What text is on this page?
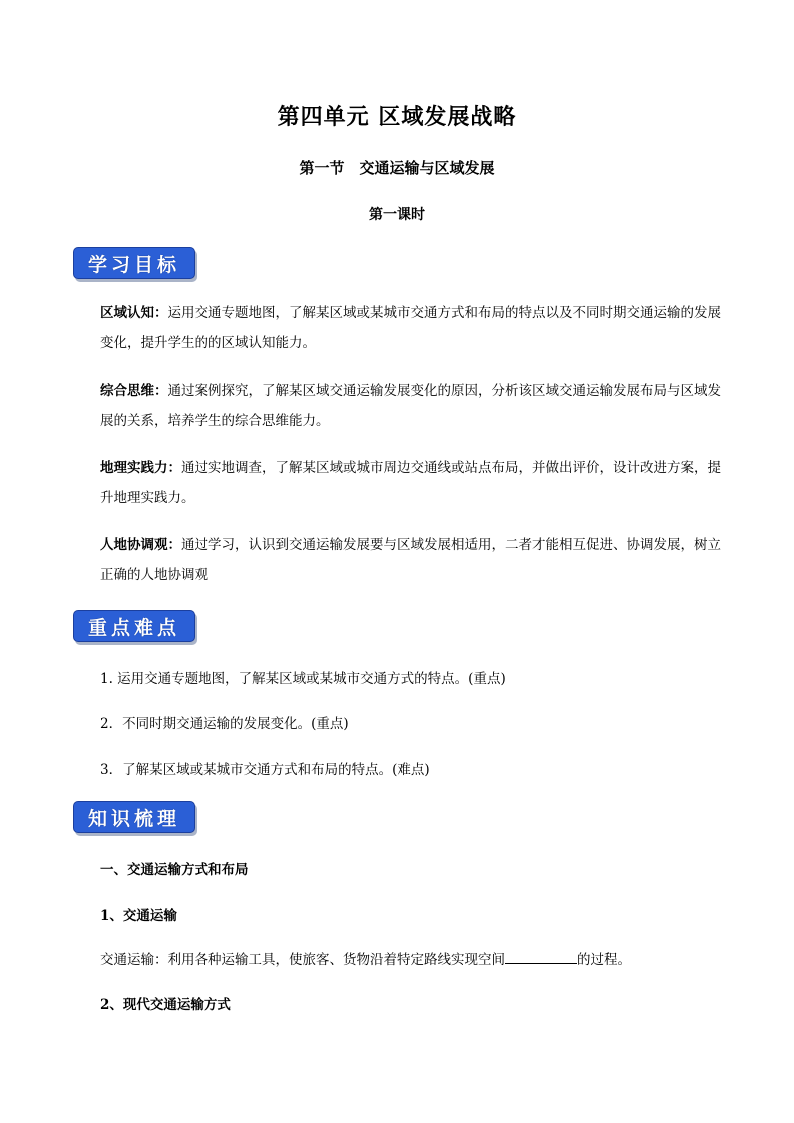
第四单元 区域发展战略
第一节　交通运输与区域发展
第一课时
学习目标
区域认知：运用交通专题地图，了解某区域或某城市交通方式和布局的特点以及不同时期交通运输的发展变化，提升学生的的区域认知能力。
综合思维：通过案例探究，了解某区域交通运输发展变化的原因，分析该区域交通运输发展布局与区域发展的关系，培养学生的综合思维能力。
地理实践力：通过实地调查，了解某区域或城市周边交通线或站点布局，并做出评价，设计改进方案，提升地理实践力。
人地协调观：通过学习，认识到交通运输发展要与区域发展相适用，二者才能相互促进、协调发展，树立正确的人地协调观
重点难点
1. 运用交通专题地图，了解某区域或某城市交通方式的特点。(重点)
2．不同时期交通运输的发展变化。(重点)
3．了解某区域或某城市交通方式和布局的特点。(难点)
知识梳理
一、交通运输方式和布局
1、交通运输
交通运输：利用各种运输工具，使旅客、货物沿着特定路线实现空间	的过程。
2、现代交通运输方式
